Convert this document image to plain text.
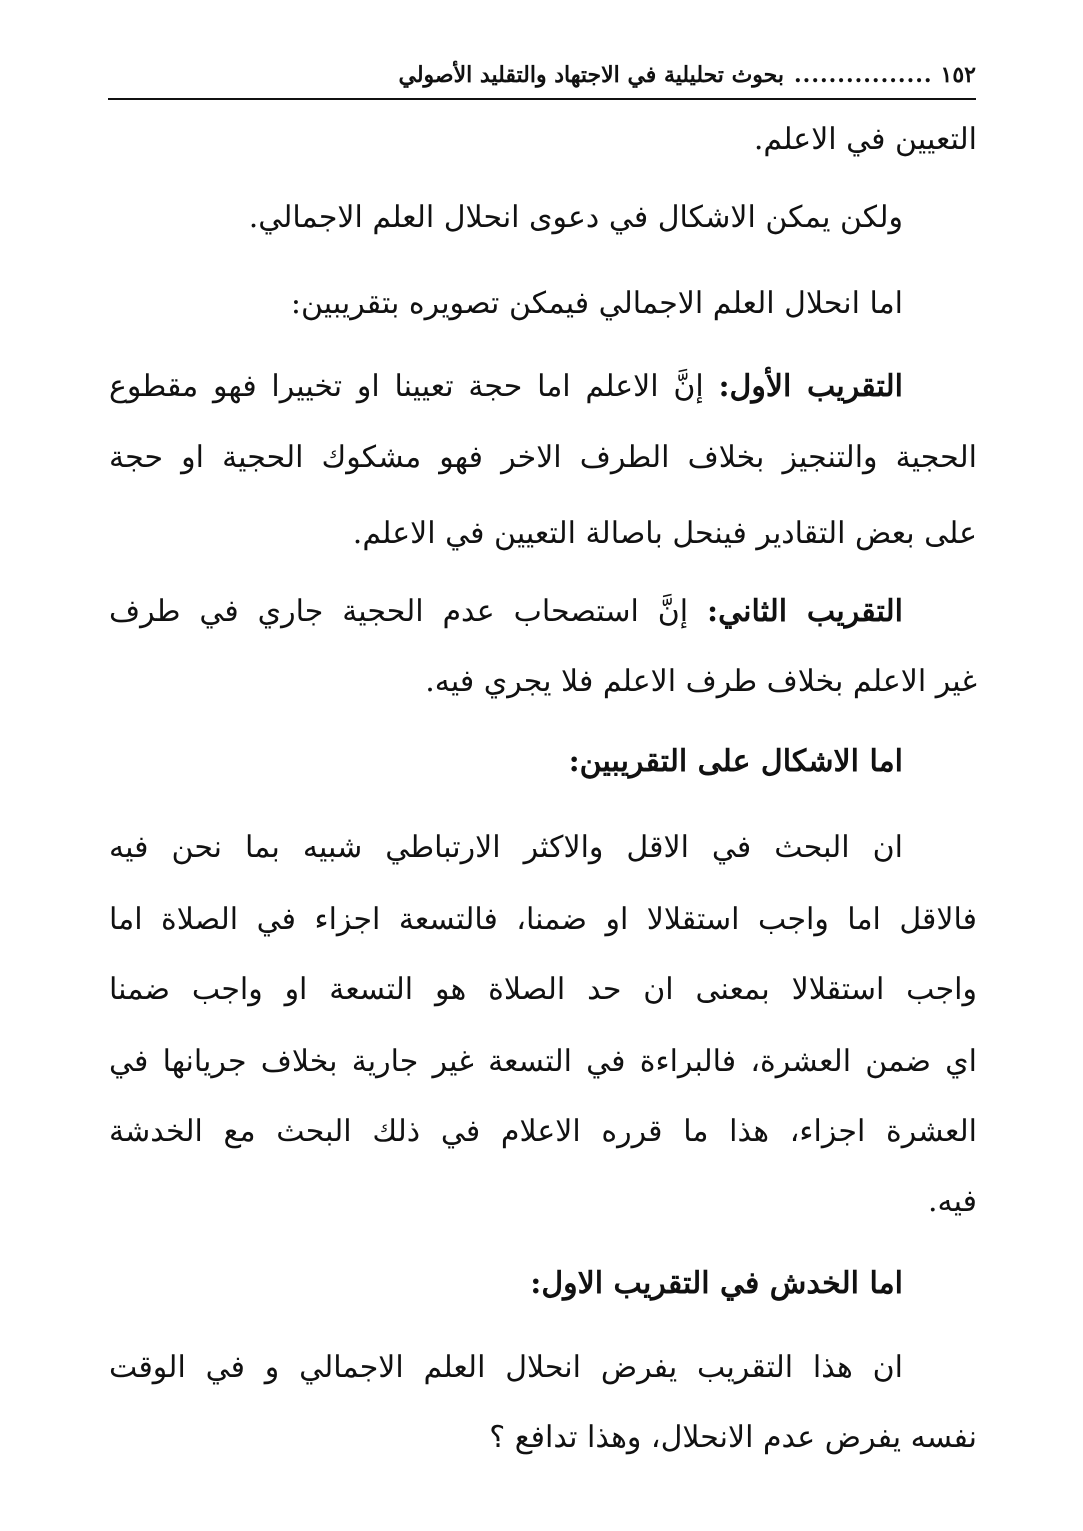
١٥٢
................
بحوث تحليلية في الاجتهاد والتقليد الأصولي
التعيين في الاعلم.
ولكن يمكن الاشكال في دعوى انحلال العلم الاجمالي.
اما انحلال العلم الاجمالي فيمكن تصويره بتقريبين:
التقريب الأول: إنَّ الاعلم اما حجة تعيينا او تخييرا فهو مقطوع
الحجية والتنجيز بخلاف الطرف الاخر فهو مشكوك الحجية او حجة
على بعض التقادير فينحل باصالة التعيين في الاعلم.
التقريب الثاني: إنَّ استصحاب عدم الحجية جاري في طرف
غير الاعلم بخلاف طرف الاعلم فلا يجري فيه.
اما الاشكال على التقريبين:
ان البحث في الاقل والاكثر الارتباطي شبيه بما نحن فيه
فالاقل اما واجب استقلالا او ضمنا، فالتسعة اجزاء في الصلاة اما
واجب استقلالا بمعنى ان حد الصلاة هو التسعة او واجب ضمنا
اي ضمن العشرة، فالبراءة في التسعة غير جارية بخلاف جريانها في
العشرة اجزاء، هذا ما قرره الاعلام في ذلك البحث مع الخدشة
فيه.
اما الخدش في التقريب الاول:
ان هذا التقريب يفرض انحلال العلم الاجمالي و في الوقت
نفسه يفرض عدم الانحلال، وهذا تدافع ؟
